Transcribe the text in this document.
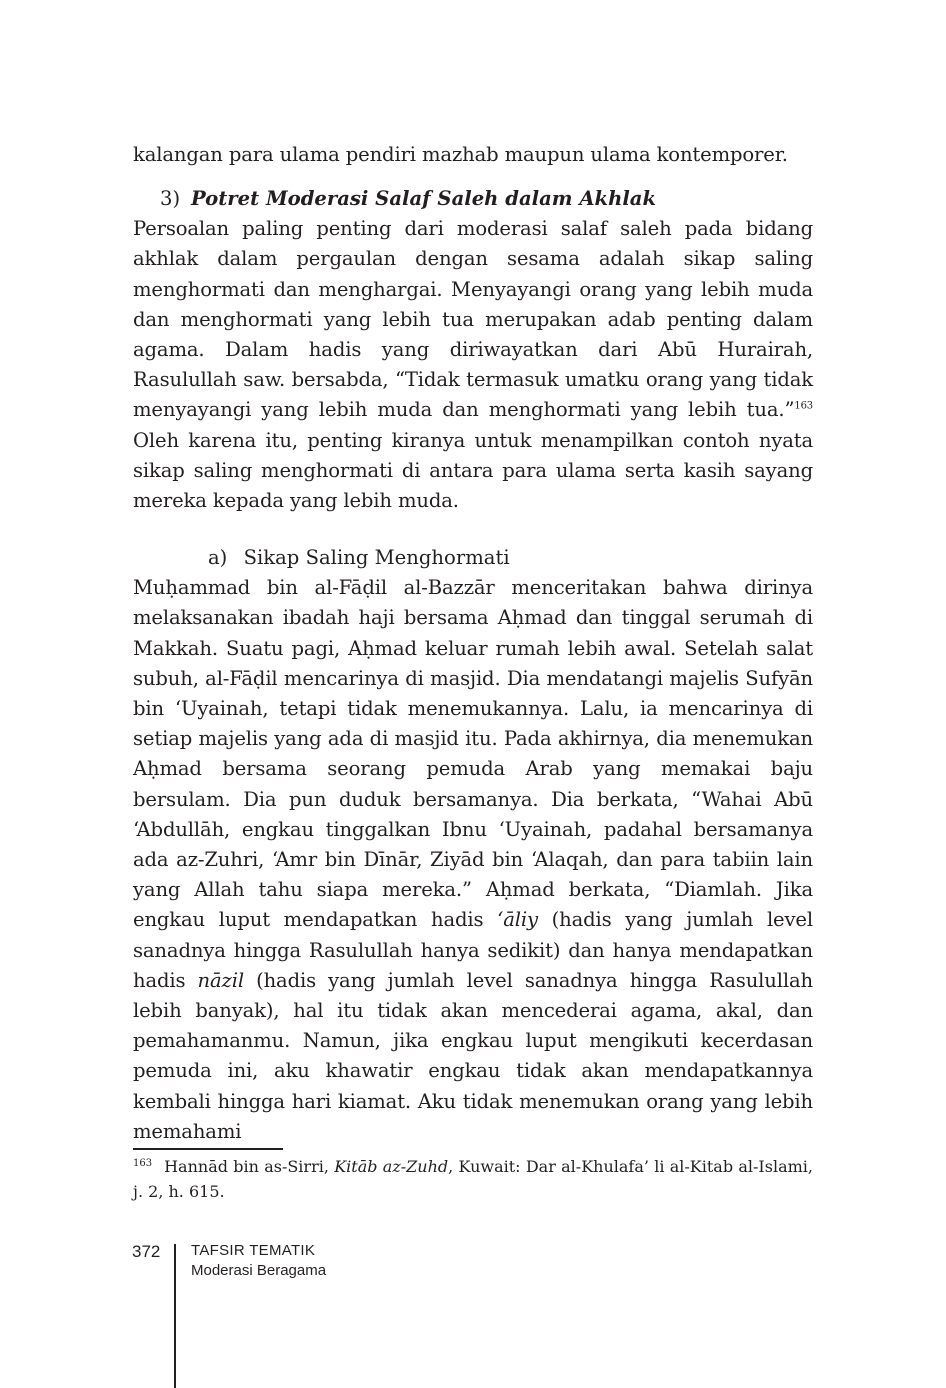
kalangan para ulama pendiri mazhab maupun ulama kontemporer.

3) Potret Moderasi Salaf Saleh dalam Akhlak

Persoalan paling penting dari moderasi salaf saleh pada bidang akhlak dalam pergaulan dengan sesama adalah sikap saling menghormati dan menghargai. Menyayangi orang yang lebih muda dan menghormati yang lebih tua merupakan adab penting dalam agama. Dalam hadis yang diriwayatkan dari Abū Hurairah, Rasulullah saw. bersabda, “Tidak termasuk umatku orang yang tidak menyayangi yang lebih muda dan menghormati yang lebih tua.”$^{163}$ Oleh karena itu, penting kiranya untuk menampilkan contoh nyata sikap saling menghormati di antara para ulama serta kasih sayang mereka kepada yang lebih muda.

a) Sikap Saling Menghormati

Muḥammad bin al-Fāḍil al-Bazzār menceritakan bahwa dirinya melaksanakan ibadah haji bersama Aḥmad dan tinggal serumah di Makkah. Suatu pagi, Aḥmad keluar rumah lebih awal. Setelah salat subuh, al-Fāḍil mencarinya di masjid. Dia mendatangi majelis Sufyān bin ‘Uyainah, tetapi tidak menemukannya. Lalu, ia mencarinya di setiap majelis yang ada di masjid itu. Pada akhirnya, dia menemukan Aḥmad bersama seorang pemuda Arab yang memakai baju bersulam. Dia pun duduk bersamanya. Dia berkata, “Wahai Abū ‘Abdullāh, engkau tinggalkan Ibnu ‘Uyainah, padahal bersamanya ada az-Zuhri, ‘Amr bin Dīnār, Ziyād bin ‘Alaqah, dan para tabiin lain yang Allah tahu siapa mereka.” Aḥmad berkata, “Diamlah. Jika engkau luput mendapatkan hadis ‘āliy (hadis yang jumlah level sanadnya hingga Rasulullah hanya sedikit) dan hanya mendapatkan hadis nāzil (hadis yang jumlah level sanadnya hingga Rasulullah lebih banyak), hal itu tidak akan mencederai agama, akal, dan pemahamanmu. Namun, jika engkau luput mengikuti kecerdasan pemuda ini, aku khawatir engkau tidak akan mendapatkannya kembali hingga hari kiamat. Aku tidak menemukan orang yang lebih memahami

$^{163}$ Hannād bin as-Sirri, Kitāb az-Zuhd, Kuwait: Dar al-Khulafa’ li al-Kitab al-Islami, j. 2, h. 615.
372 TAFSIR TEMATIK
Moderasi Beragama
